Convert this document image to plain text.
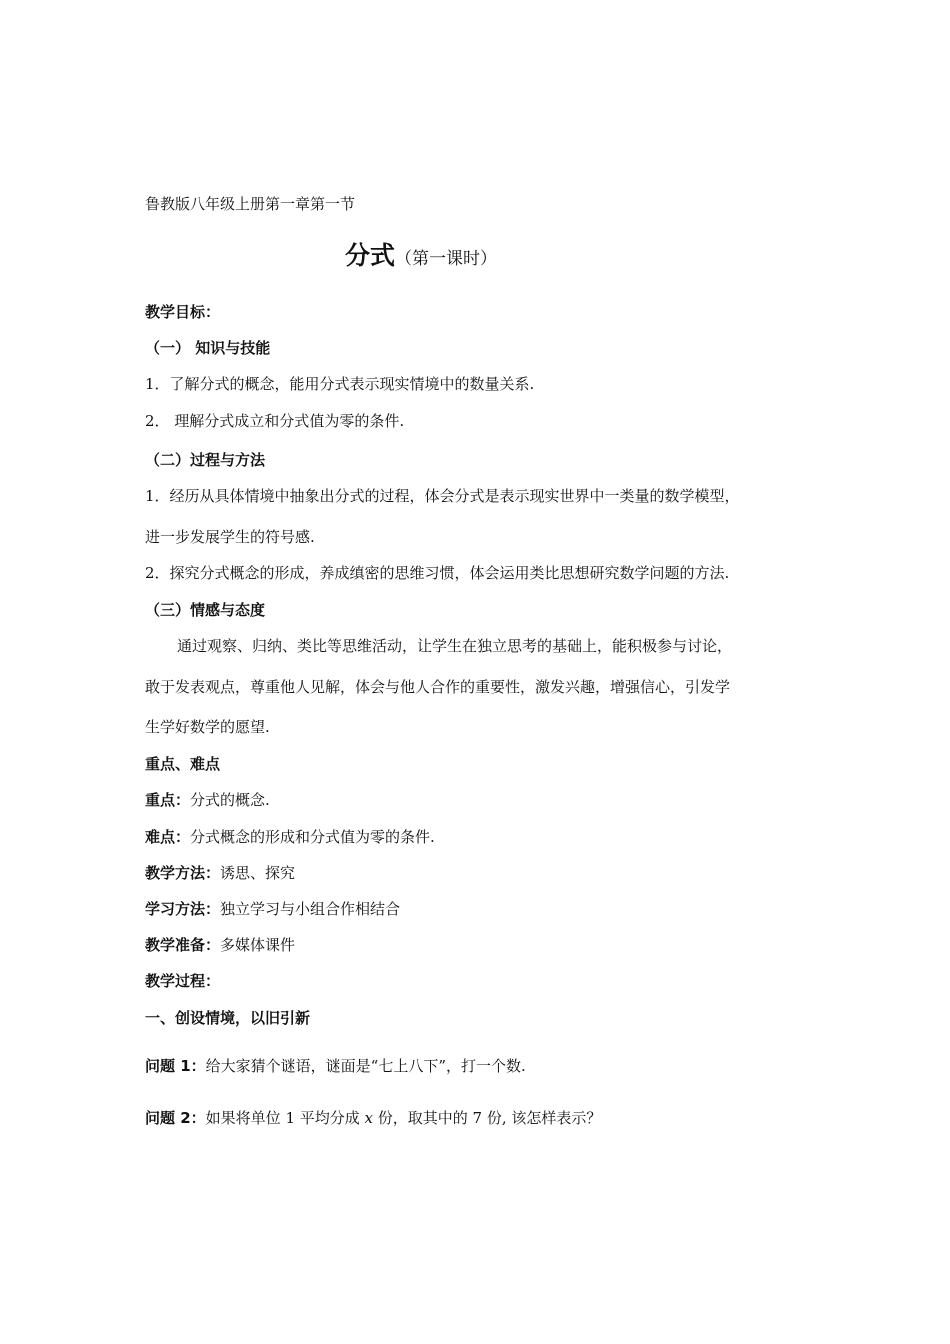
鲁教版八年级上册第一章第一节
分式（第一课时）
教学目标：
（一） 知识与技能
1．了解分式的概念，能用分式表示现实情境中的数量关系.
2． 理解分式成立和分式值为零的条件.
（二）过程与方法
1．经历从具体情境中抽象出分式的过程，体会分式是表示现实世界中一类量的数学模型，
进一步发展学生的符号感.
2．探究分式概念的形成，养成缜密的思维习惯，体会运用类比思想研究数学问题的方法.
（三）情感与态度
通过观察、归纳、类比等思维活动，让学生在独立思考的基础上，能积极参与讨论，
敢于发表观点，尊重他人见解，体会与他人合作的重要性，激发兴趣，增强信心，引发学
生学好数学的愿望.
重点、难点
重点：分式的概念.
难点：分式概念的形成和分式值为零的条件.
教学方法：诱思、探究
学习方法：独立学习与小组合作相结合
教学准备：多媒体课件
教学过程：
一、创设情境，以旧引新
问题 1：给大家猜个谜语，谜面是“七上八下”，打一个数.
问题 2：如果将单位 1 平均分成 x 份，取其中的 7 份, 该怎样表示？
